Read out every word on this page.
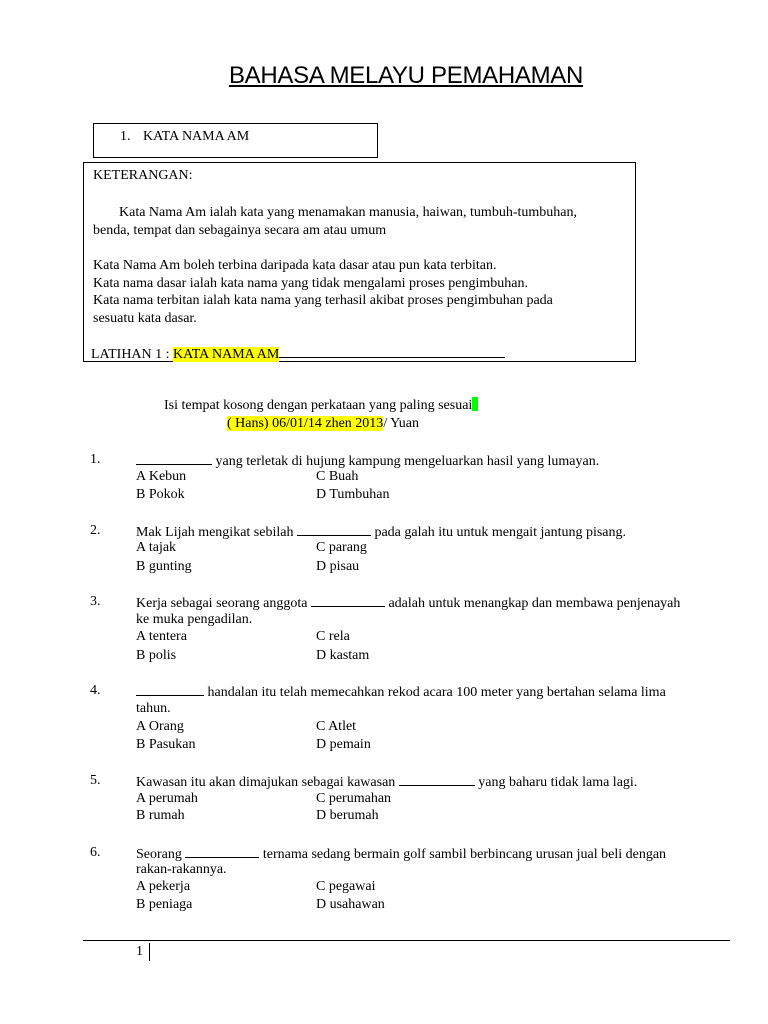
BAHASA MELAYU PEMAHAMAN
1. KATA NAMA AM
KETERANGAN:
Kata Nama Am ialah kata yang menamakan manusia, haiwan, tumbuh-tumbuhan,
benda, tempat dan sebagainya secara am atau umum
Kata Nama Am boleh terbina daripada kata dasar atau pun kata terbitan.
Kata nama dasar ialah kata nama yang tidak mengalami proses pengimbuhan.
Kata nama terbitan ialah kata nama yang terhasil akibat proses pengimbuhan pada
sesuatu kata dasar.
LATIHAN 1 : KATA NAMA AM
Isi tempat kosong dengan perkataan yang paling sesuai
( Hans) 06/01/14 zhen 2013/ Yuan
1.	yang terletak di hujung kampung mengeluarkan hasil yang lumayan.
A Kebun	C Buah
B Pokok	D Tumbuhan
2.	Mak Lijah mengikat sebilah	pada galah itu untuk mengait jantung pisang.
A tajak	C parang
B gunting	D pisau
3.	Kerja sebagai seorang anggota	adalah untuk menangkap dan membawa penjenayah
ke muka pengadilan.
A tentera	C rela
B polis	D kastam
4.	handalan itu telah memecahkan rekod acara 100 meter yang bertahan selama lima
tahun.
A Orang	C Atlet
B Pasukan	D pemain
5.	Kawasan itu akan dimajukan sebagai kawasan	yang baharu tidak lama lagi.
A perumah	C perumahan
B rumah	D berumah
6.	Seorang	ternama sedang bermain golf sambil berbincang urusan jual beli dengan
rakan-rakannya.
A pekerja	C pegawai
B peniaga	D usahawan
1
